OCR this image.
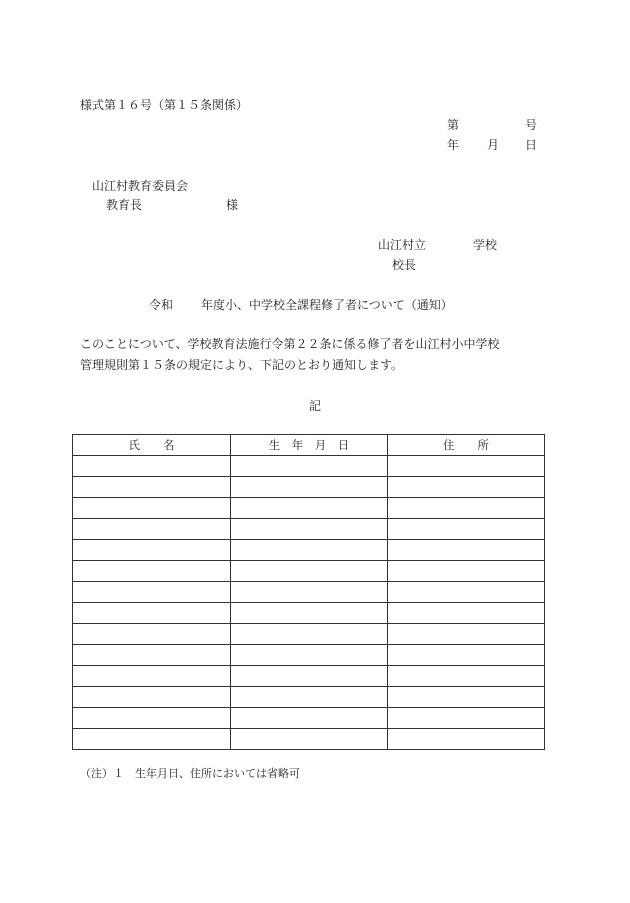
様式第１６号（第１５条関係）
第	号
年 月 日
山江村教育委員会
教育長	様
山江村立	学校
校長
令和 年度小、中学校全課程修了者について（通知）
このことについて、学校教育法施行令第２２条に係る修了者を山江村小中学校
管理規則第１５条の規定により、下記のとおり通知します。
記
氏　　名	生　年　月　日	住　　所

（注）１　生年月日、住所においては省略可
